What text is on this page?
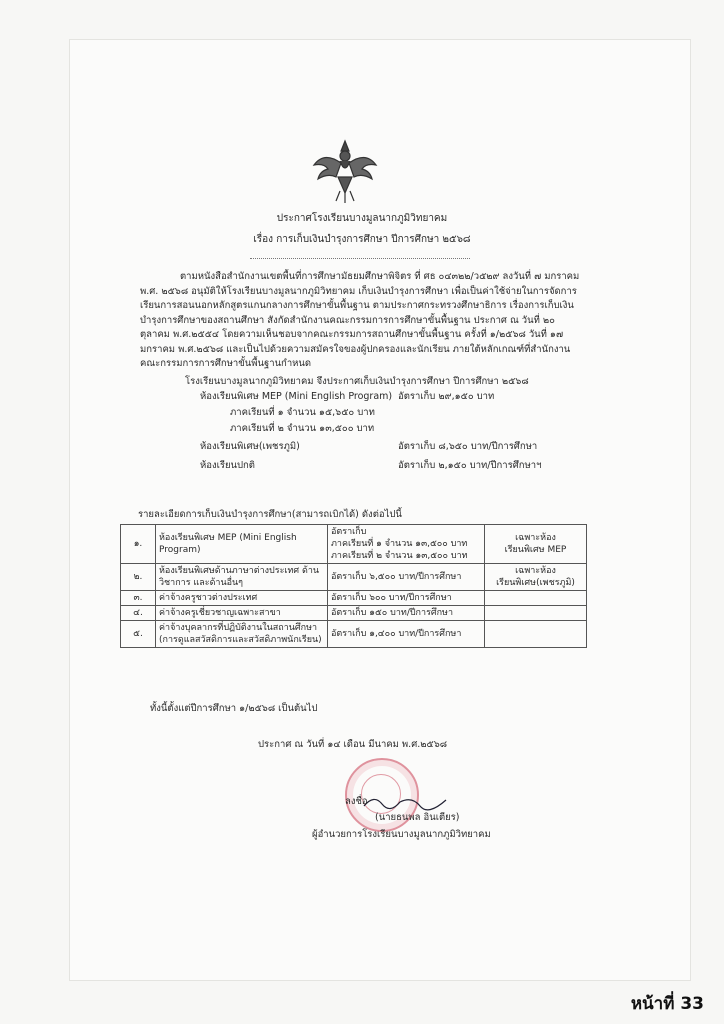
ประกาศโรงเรียนบางมูลนากภูมิวิทยาคม
เรื่อง การเก็บเงินบำรุงการศึกษา ปีการศึกษา ๒๕๖๘
ตามหนังสือสำนักงานเขตพื้นที่การศึกษามัธยมศึกษาพิจิตร ที่ ศธ ๐๔๓๒๒/ว๕๒๙ ลงวันที่ ๗ มกราคม พ.ศ. ๒๕๖๘ อนุมัติให้โรงเรียนบางมูลนากภูมิวิทยาคม เก็บเงินบำรุงการศึกษา เพื่อเป็นค่าใช้จ่ายในการจัดการเรียนการสอนนอกหลักสูตรแกนกลางการศึกษาขั้นพื้นฐาน ตามประกาศกระทรวงศึกษาธิการ เรื่องการเก็บเงินบำรุงการศึกษาของสถานศึกษา สังกัดสำนักงานคณะกรรมการการศึกษาขั้นพื้นฐาน ประกาศ ณ วันที่ ๒๐ ตุลาคม พ.ศ.๒๕๕๔ โดยความเห็นชอบจากคณะกรรมการสถานศึกษาขั้นพื้นฐาน ครั้งที่ ๑/๒๕๖๘ วันที่ ๑๗ มกราคม พ.ศ.๒๕๖๘ และเป็นไปด้วยความสมัครใจของผู้ปกครองและนักเรียน ภายใต้หลักเกณฑ์ที่สำนักงานคณะกรรมการการศึกษาขั้นพื้นฐานกำหนด
โรงเรียนบางมูลนากภูมิวิทยาคม จึงประกาศเก็บเงินบำรุงการศึกษา ปีการศึกษา ๒๕๖๘
ห้องเรียนพิเศษ MEP (Mini English Program) อัตราเก็บ ๒๙,๑๕๐ บาท
ภาคเรียนที่ ๑ จำนวน ๑๕,๖๕๐ บาท
ภาคเรียนที่ ๒ จำนวน ๑๓,๕๐๐ บาท
ห้องเรียนพิเศษ(เพชรภูมิ)	อัตราเก็บ ๘,๖๕๐ บาท/ปีการศึกษา
ห้องเรียนปกติ	อัตราเก็บ ๒,๑๕๐ บาท/ปีการศึกษาฯ
รายละเอียดการเก็บเงินบำรุงการศึกษา(สามารถเบิกได้) ดังต่อไปนี้
๑.	ห้องเรียนพิเศษ MEP (Mini English Program)	อัตราเก็บ
ภาคเรียนที่ ๑ จำนวน ๑๓,๕๐๐ บาท
ภาคเรียนที่ ๒ จำนวน ๑๓,๕๐๐ บาท	เฉพาะห้อง
เรียนพิเศษ MEP
๒.	ห้องเรียนพิเศษด้านภาษาต่างประเทศ ด้านวิชาการ และด้านอื่นๆ	อัตราเก็บ ๖,๕๐๐ บาท/ปีการศึกษา	เฉพาะห้อง
เรียนพิเศษ(เพชรภูมิ)
๓.	ค่าจ้างครูชาวต่างประเทศ	อัตราเก็บ ๖๐๐ บาท/ปีการศึกษา	
๔.	ค่าจ้างครูเชี่ยวชาญเฉพาะสาขา	อัตราเก็บ ๑๕๐ บาท/ปีการศึกษา	
๕.	ค่าจ้างบุคลากรที่ปฏิบัติงานในสถานศึกษา (การดูแลสวัสดิการและสวัสดิภาพนักเรียน)	อัตราเก็บ ๑,๔๐๐ บาท/ปีการศึกษา	
ทั้งนี้ตั้งแต่ปีการศึกษา ๑/๒๕๖๘ เป็นต้นไป
ประกาศ ณ วันที่ ๑๔ เดือน มีนาคม พ.ศ.๒๕๖๘
ลงชื่อ
(นายธนพล อินเตียร)
ผู้อำนวยการโรงเรียนบางมูลนากภูมิวิทยาคม
หน้าที่ 33
